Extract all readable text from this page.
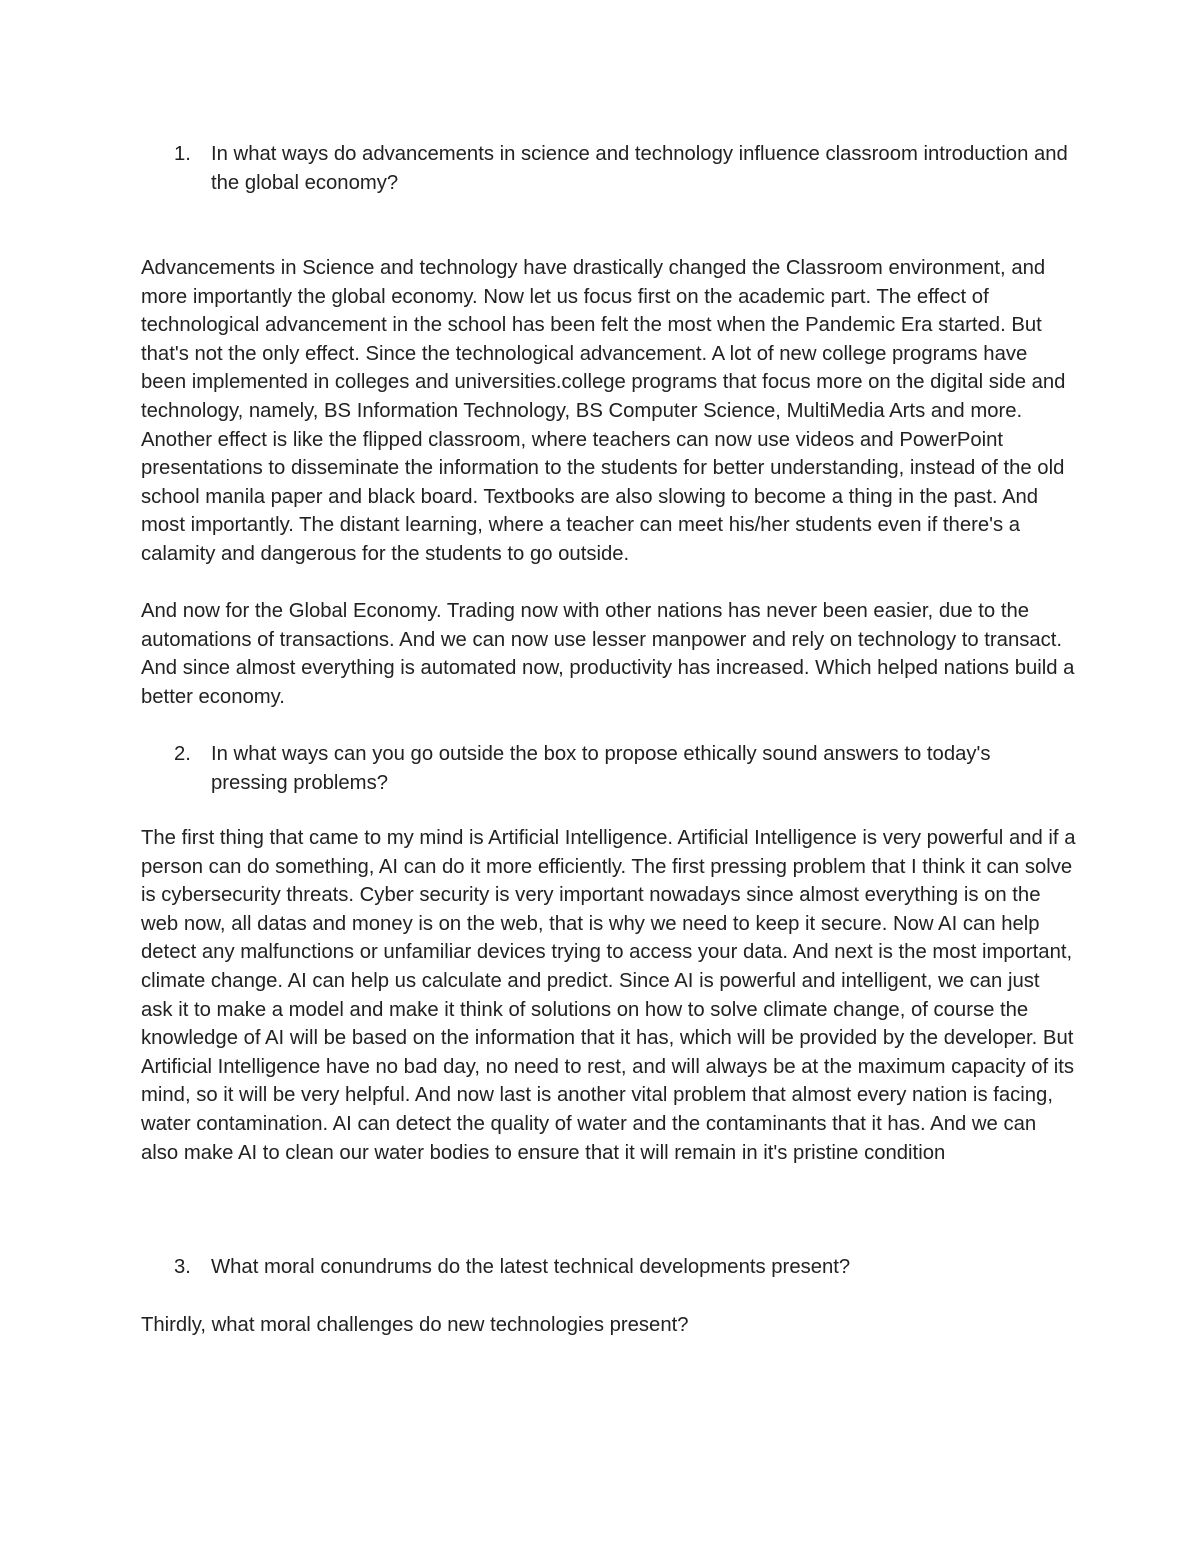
1. In what ways do advancements in science and technology influence classroom introduction and the global economy?

Advancements in Science and technology have drastically changed the Classroom environment, and more importantly the global economy. Now let us focus first on the academic part. The effect of technological advancement in the school has been felt the most when the Pandemic Era started. But that's not the only effect. Since the technological advancement. A lot of new college programs have been implemented in colleges and universities.college programs that focus more on the digital side and technology, namely, BS Information Technology, BS Computer Science, MultiMedia Arts and more. Another effect is like the flipped classroom, where teachers can now use videos and PowerPoint presentations to disseminate the information to the students for better understanding, instead of the old school manila paper and black board. Textbooks are also slowing to become a thing in the past. And most importantly. The distant learning, where a teacher can meet his/her students even if there's a calamity and dangerous for the students to go outside.

And now for the Global Economy. Trading now with other nations has never been easier, due to the automations of transactions. And we can now use lesser manpower and rely on technology to transact. And since almost everything is automated now, productivity has increased. Which helped nations build a better economy.

2. In what ways can you go outside the box to propose ethically sound answers to today's pressing problems?

The first thing that came to my mind is Artificial Intelligence. Artificial Intelligence is very powerful and if a person can do something, AI can do it more efficiently. The first pressing problem that I think it can solve is cybersecurity threats. Cyber security is very important nowadays since almost everything is on the web now, all datas and money is on the web, that is why we need to keep it secure. Now AI can help detect any malfunctions or unfamiliar devices trying to access your data. And next is the most important, climate change. AI can help us calculate and predict. Since AI is powerful and intelligent, we can just ask it to make a model and make it think of solutions on how to solve climate change, of course the knowledge of AI will be based on the information that it has, which will be provided by the developer. But Artificial Intelligence have no bad day, no need to rest, and will always be at the maximum capacity of its mind, so it will be very helpful. And now last is another vital problem that almost every nation is facing, water contamination. AI can detect the quality of water and the contaminants that it has. And we can also make AI to clean our water bodies to ensure that it will remain in it's pristine condition

3. What moral conundrums do the latest technical developments present?

Thirdly, what moral challenges do new technologies present?
